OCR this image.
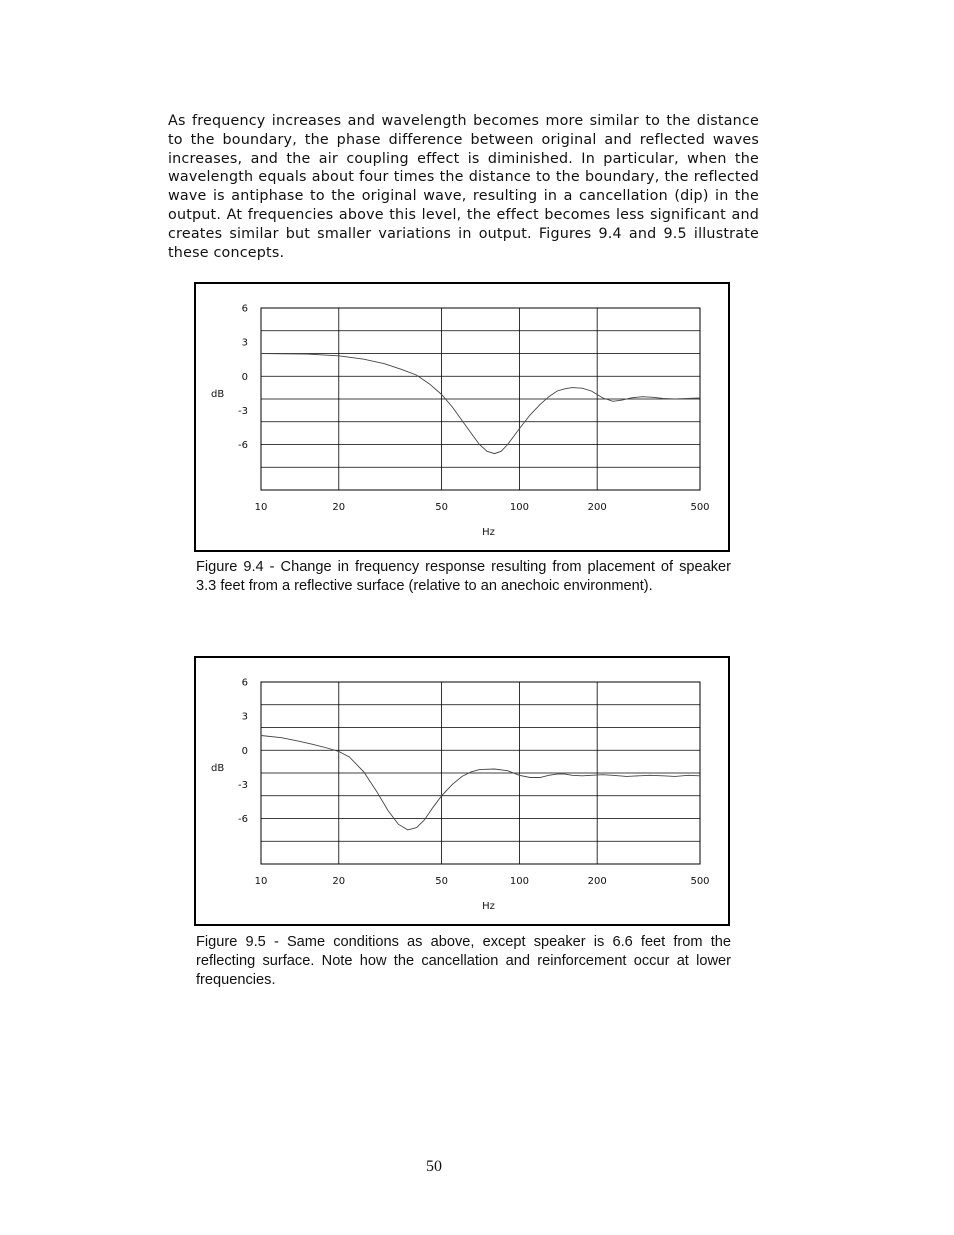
As frequency increases and wavelength becomes more similar to the distance to the boundary, the phase difference between original and reflected waves increases, and the air coupling effect is diminished. In particular, when the wavelength equals about four times the distance to the boundary, the reflected wave is antiphase to the original wave, resulting in a cancellation (dip) in the output. At frequencies above this level, the effect becomes less significant and creates similar but smaller variations in output. Figures 9.4 and 9.5 illustrate these concepts.

6
3
0
-3
-6
10	20	50	100	200	500
dB
Hz

Figure 9.4 - Change in frequency response resulting from placement of speaker 3.3 feet from a reflective surface (relative to an anechoic environment).

6
3
0
-3
-6
10	20	50	100	200	500
dB
Hz

Figure 9.5 - Same conditions as above, except speaker is 6.6 feet from the reflecting surface. Note how the cancellation and reinforcement occur at lower frequencies.

50
